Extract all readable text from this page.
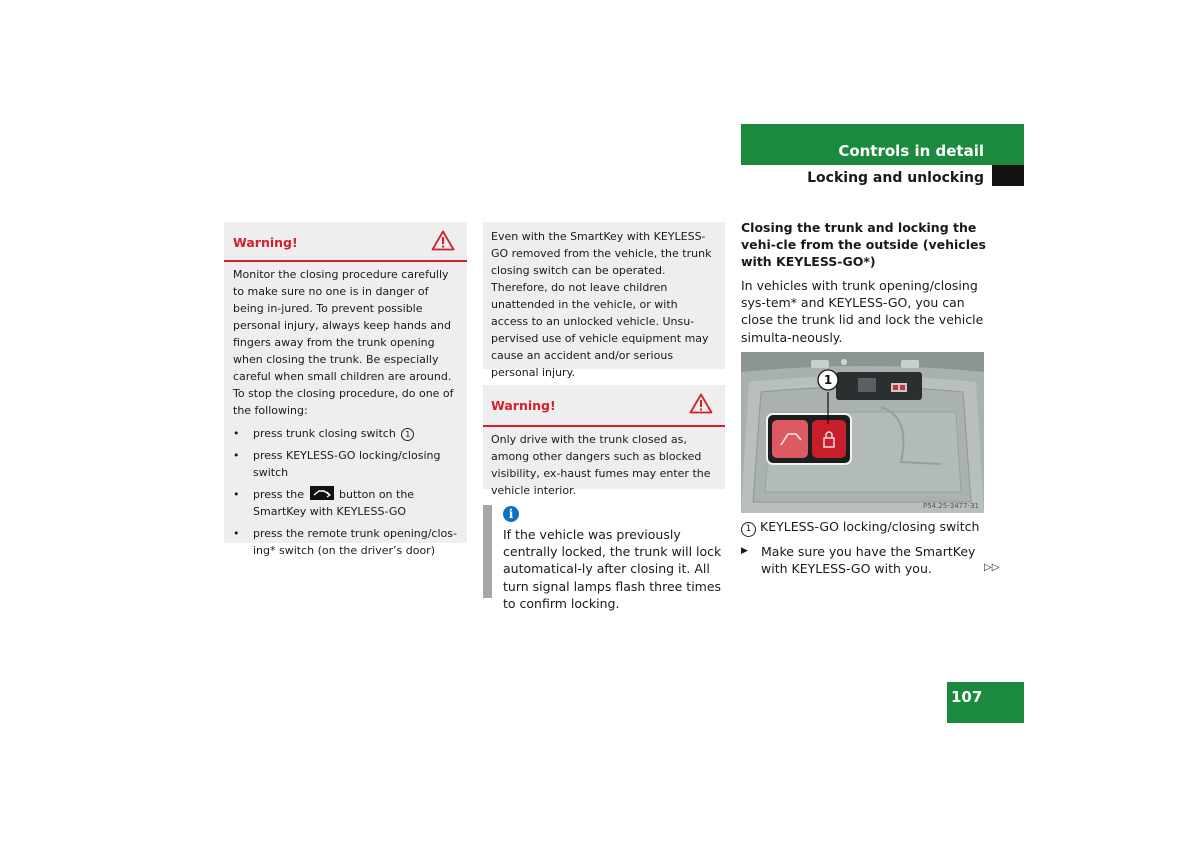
Controls in detail
Locking and unlocking
Warning!

Monitor the closing procedure carefully to make sure no one is in danger of being in-jured. To prevent possible personal injury, always keep hands and fingers away from the trunk opening when closing the trunk. Be especially careful when small children are around. To stop the closing procedure, do one of the following:

• press trunk closing switch 1
• press KEYLESS-GO locking/closing switch
• press the	button on the SmartKey with KEYLESS-GO
• press the remote trunk opening/clos-ing* switch (on the driver’s door)

Even with the SmartKey with KEYLESS-GO removed from the vehicle, the trunk closing switch can be operated. Therefore, do not leave children unattended in the vehicle, or with access to an unlocked vehicle. Unsu-pervised use of vehicle equipment may cause an accident and/or serious personal injury.

Warning!

Only drive with the trunk closed as, among other dangers such as blocked visibility, ex-haust fumes may enter the vehicle interior.

i
If the vehicle was previously centrally locked, the trunk will lock automatical-ly after closing it. All turn signal lamps flash three times to confirm locking.
Closing the trunk and locking the vehi-cle from the outside (vehicles with KEYLESS-GO*)
In vehicles with trunk opening/closing sys-tem* and KEYLESS-GO, you can close the trunk lid and lock the vehicle simulta-neously.
1
P54.25-3477-31
1 KEYLESS-GO locking/closing switch
▶	Make sure you have the SmartKey with KEYLESS-GO with you.	▷▷
107
